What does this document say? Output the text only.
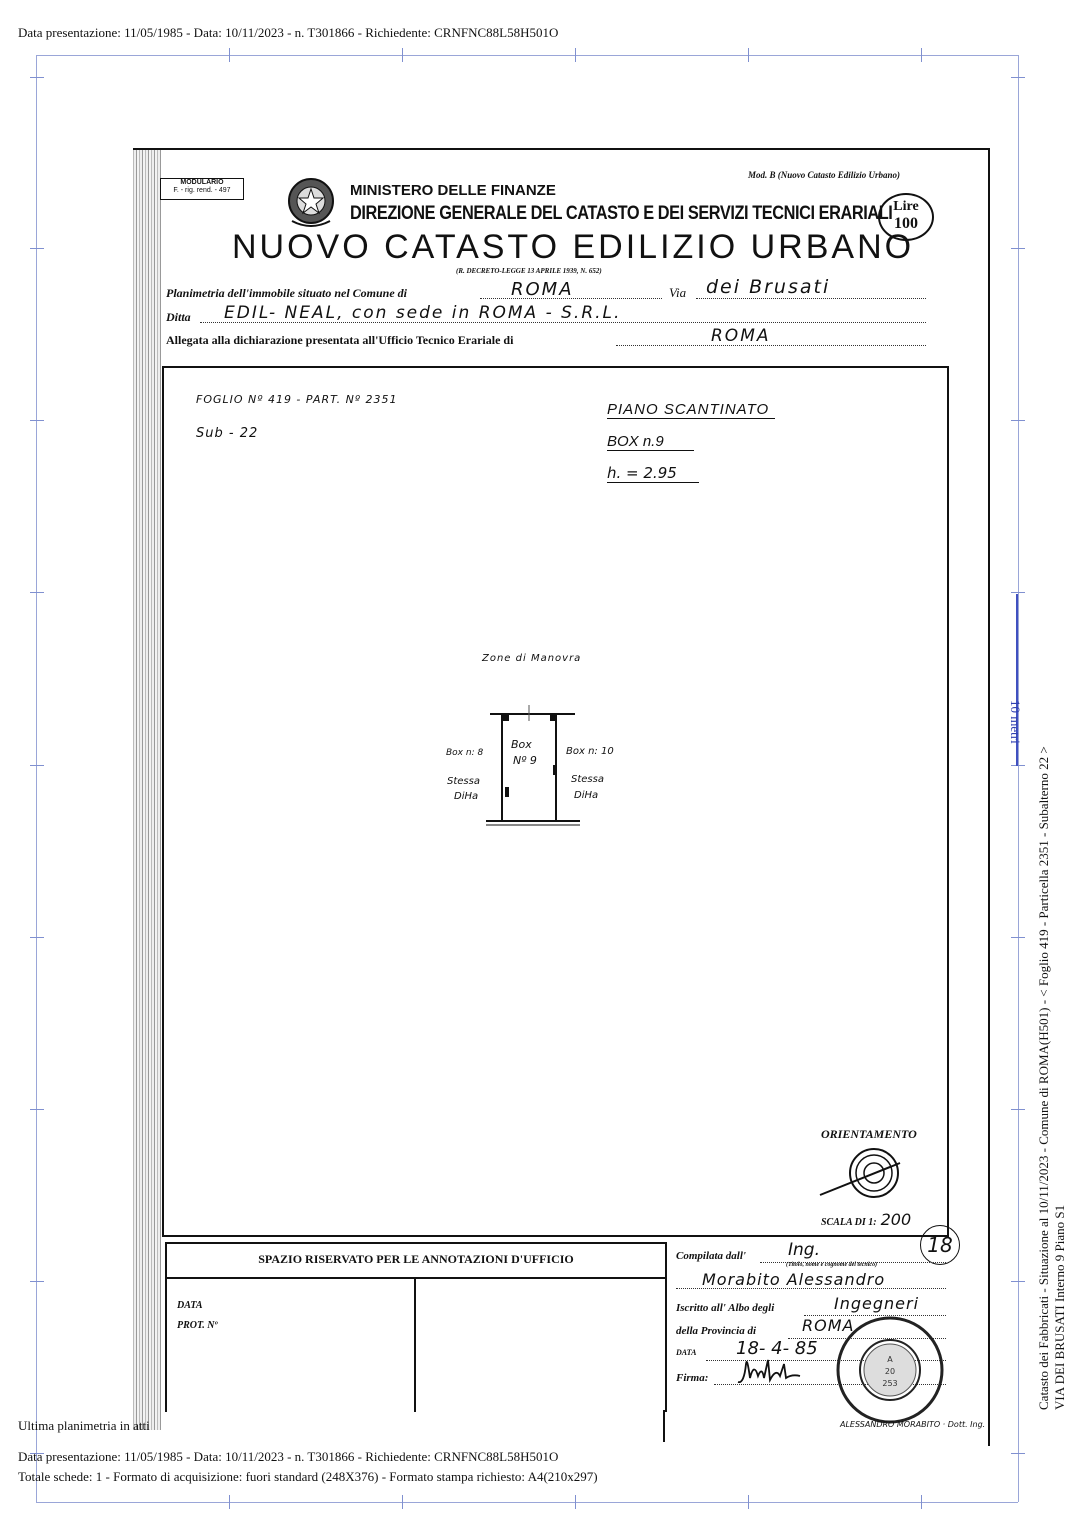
Data presentazione: 11/05/1985 - Data: 10/11/2023 - n. T301866 - Richiedente: CRNFNC88L58H501O
MODULARIO
F. - rig. rend. - 497
Mod. B (Nuovo Catasto Edilizio Urbano)
MINISTERO DELLE FINANZE
DIREZIONE GENERALE DEL CATASTO E DEI SERVIZI TECNICI ERARIALI Lire
100
NUOVO CATASTO EDILIZIO URBANO
(R. DECRETO-LEGGE 13 APRILE 1939, N. 652)
Planimetria dell'immobile situato nel Comune di	ROMA	Via dei Brusati
Ditta EDIL- NEAL, con sede in ROMA - S.R.L.
Allegata alla dichiarazione presentata all'Ufficio Tecnico Erariale di	ROMA
FOGLIO Nº 419 - PART. Nº 2351
Sub - 22
PIANO SCANTINATO
BOX n.9
h. = 2.95
Zone di Manovra
Box
Nº 9
Box n: 8	Box n: 10
Stessa
DiHa
Stessa
DiHa
ORIENTAMENTO
SCALA DI 1: 200
18
SPAZIO RISERVATO PER LE ANNOTAZIONI D'UFFICIO
DATA
PROT. Nº
Compilata dall' Ing.
(Titolo, nome e cognome del tecnico)
Morabito Alessandro
Iscritto all' Albo degli	Ingegneri
della Provincia di	ROMA
DATA 18- 4- 85
Firma:
A
20
253
ALESSANDRO MORABITO · Dott. Ing.
10 metri
Catasto dei Fabbricati - Situazione al 10/11/2023 - Comune di ROMA(H501) - < Foglio 419 - Particella 2351 - Subalterno 22 > VIA DEI BRUSATI Interno 9 Piano S1
Ultima planimetria in atti
Data presentazione: 11/05/1985 - Data: 10/11/2023 - n. T301866 - Richiedente: CRNFNC88L58H501O
Totale schede: 1 - Formato di acquisizione: fuori standard (248X376) - Formato stampa richiesto: A4(210x297)
